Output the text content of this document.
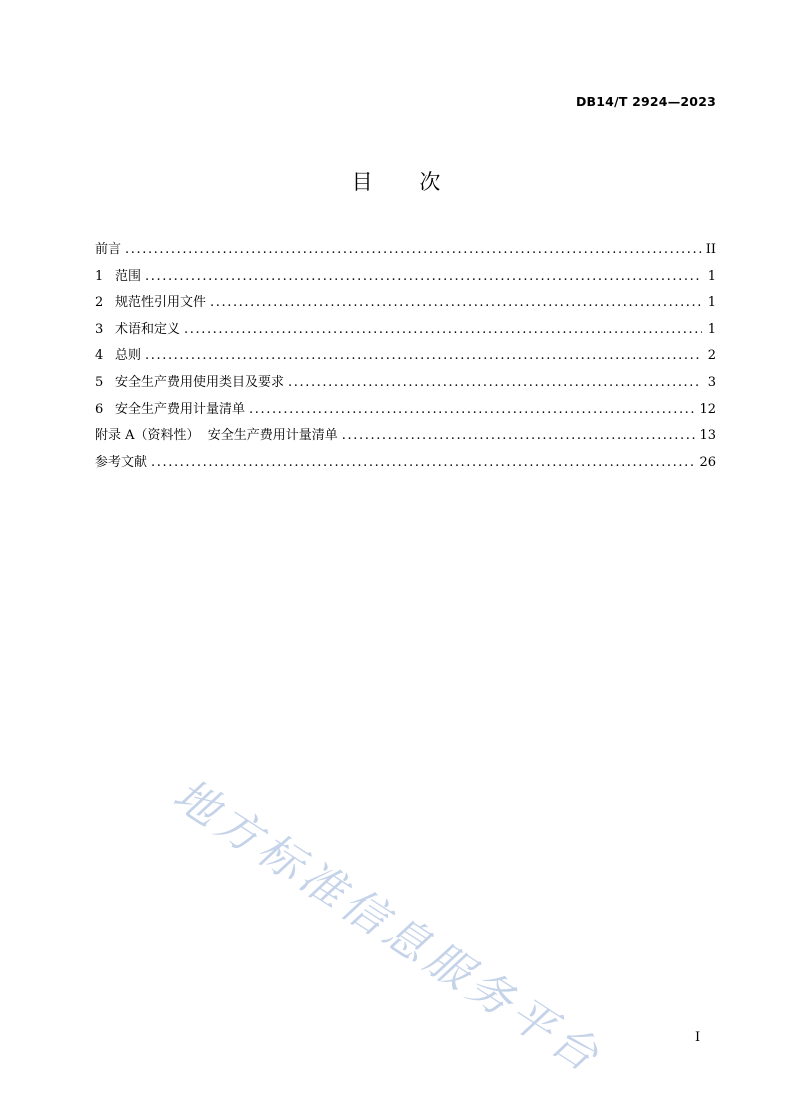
DB14/T 2924—2023
目 次
前言 .....	II
1 范围 .....	1
2 规范性引用文件 .....	1
3 术语和定义 .....	1
4 总则 .....	2
5 安全生产费用使用类目及要求 .....	3
6 安全生产费用计量清单 .....	12
附录 A（资料性）  安全生产费用计量清单 .....	13
参考文献 .....	26
地方标准信息服务平台	I
